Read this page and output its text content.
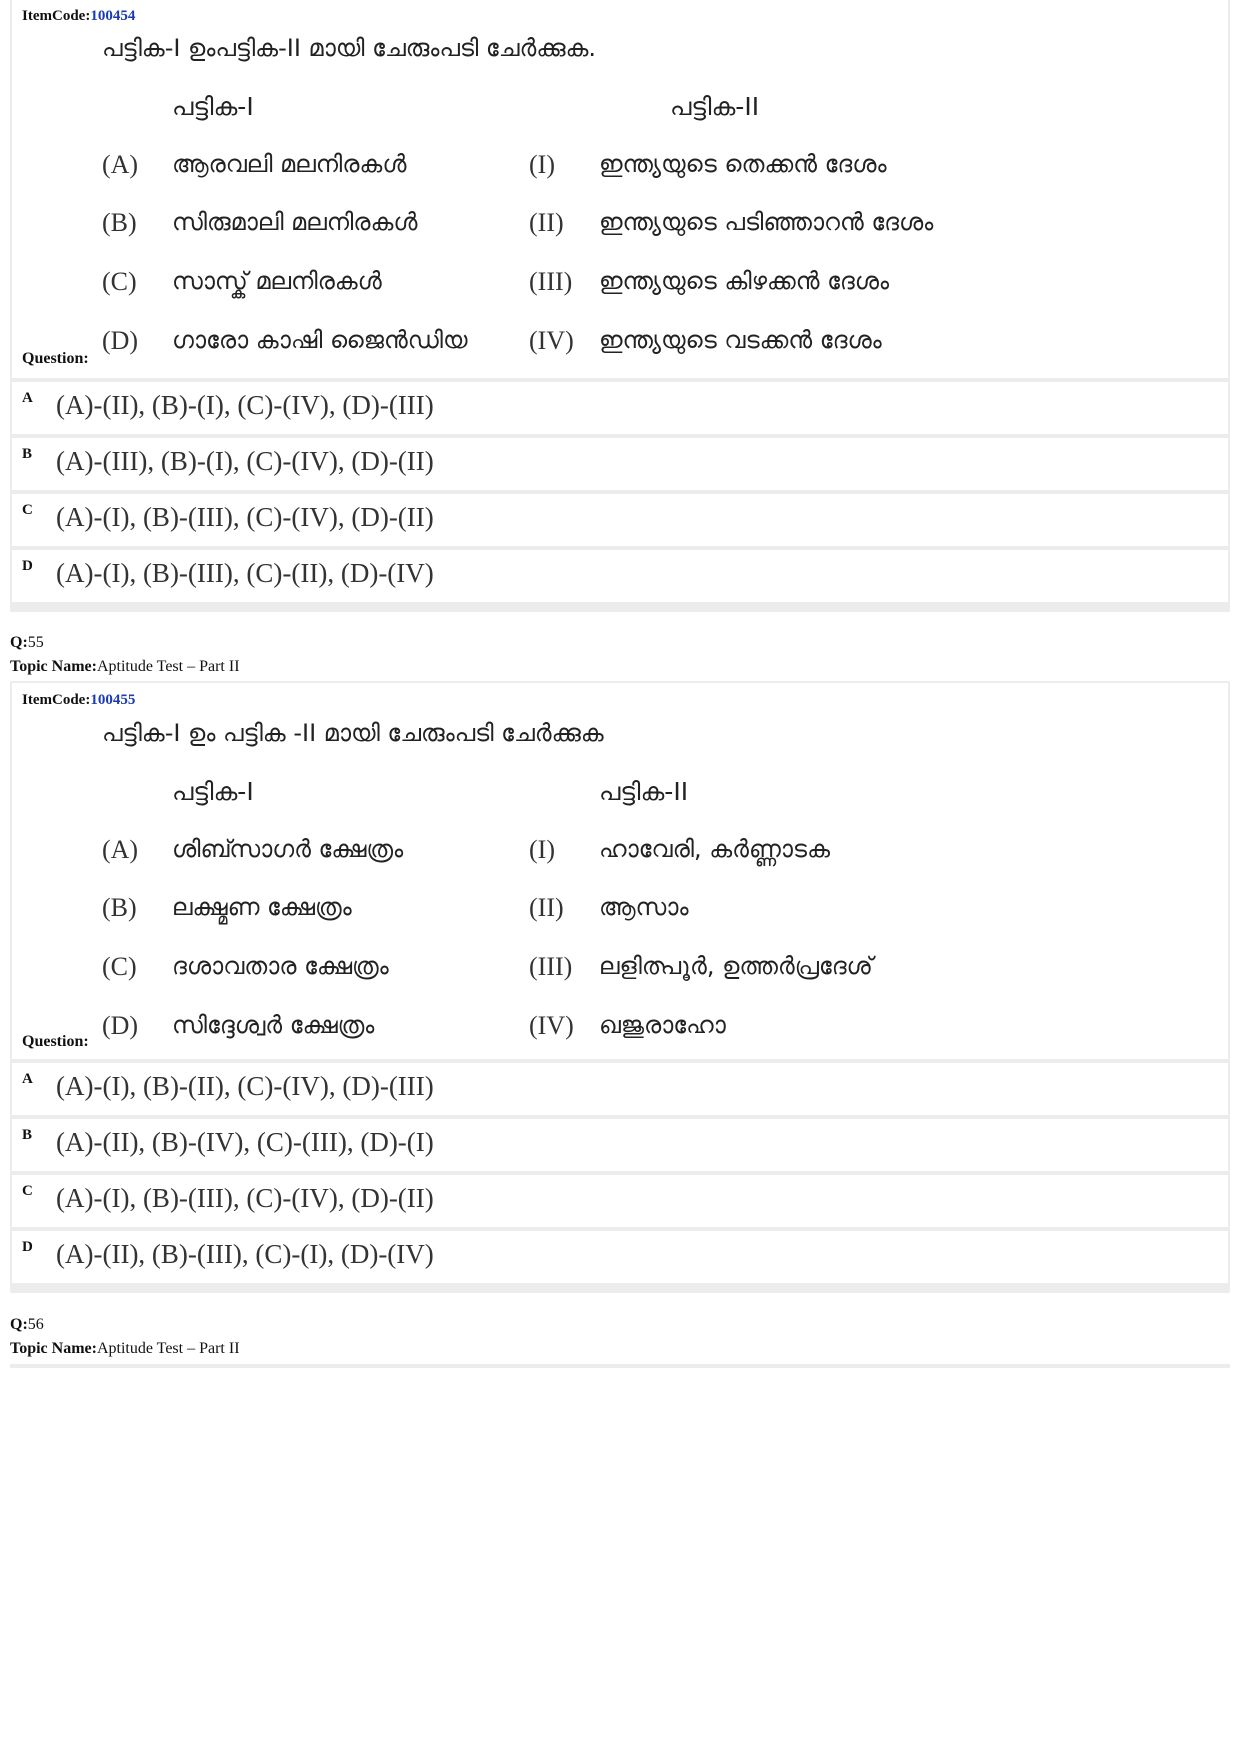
ItemCode:100454
പട്ടിക-I ഉംപട്ടിക-II മായി ചേരുംപടി ചേർക്കുക.
പട്ടിക-I	പട്ടിക-II
(A) ആരവലി മലനിരകൾ	(I) ഇന്ത്യയുടെ തെക്കൻ ദേശം
(B) സിരുമാലി മലനിരകൾ	(II) ഇന്ത്യയുടെ പടിഞ്ഞാറൻ ദേശം
(C) സാസ്ക് മലനിരകൾ	(III) ഇന്ത്യയുടെ കിഴക്കൻ ദേശം
(D) ഗാരോ കാഷി ജൈൻഡിയ (IV) ഇന്ത്യയുടെ വടക്കൻ ദേശം
Question:
A (A)-(II), (B)-(I), (C)-(IV), (D)-(III)
B (A)-(III), (B)-(I), (C)-(IV), (D)-(II)
C (A)-(I), (B)-(III), (C)-(IV), (D)-(II)
D (A)-(I), (B)-(III), (C)-(II), (D)-(IV)
Q:55
Topic Name:Aptitude Test – Part II
ItemCode:100455
പട്ടിക-I ഉം പട്ടിക -II മായി ചേരുംപടി ചേർക്കുക
പട്ടിക-I	പട്ടിക-II
(A) ശിബ്സാഗർ ക്ഷേത്രം	(I) ഹാവേരി, കർണ്ണാടക
(B) ലക്ഷ്മണ ക്ഷേത്രം	(II) ആസാം
(C) ദശാവതാര ക്ഷേത്രം	(III) ലളിത്പൂർ, ഉത്തർപ്രദേശ്
(D) സിദ്ദേശ്വർ ക്ഷേത്രം	(IV) ഖജുരാഹോ
Question:
A (A)-(I), (B)-(II), (C)-(IV), (D)-(III)
B (A)-(II), (B)-(IV), (C)-(III), (D)-(I)
C (A)-(I), (B)-(III), (C)-(IV), (D)-(II)
D (A)-(II), (B)-(III), (C)-(I), (D)-(IV)
Q:56
Topic Name:Aptitude Test – Part II
